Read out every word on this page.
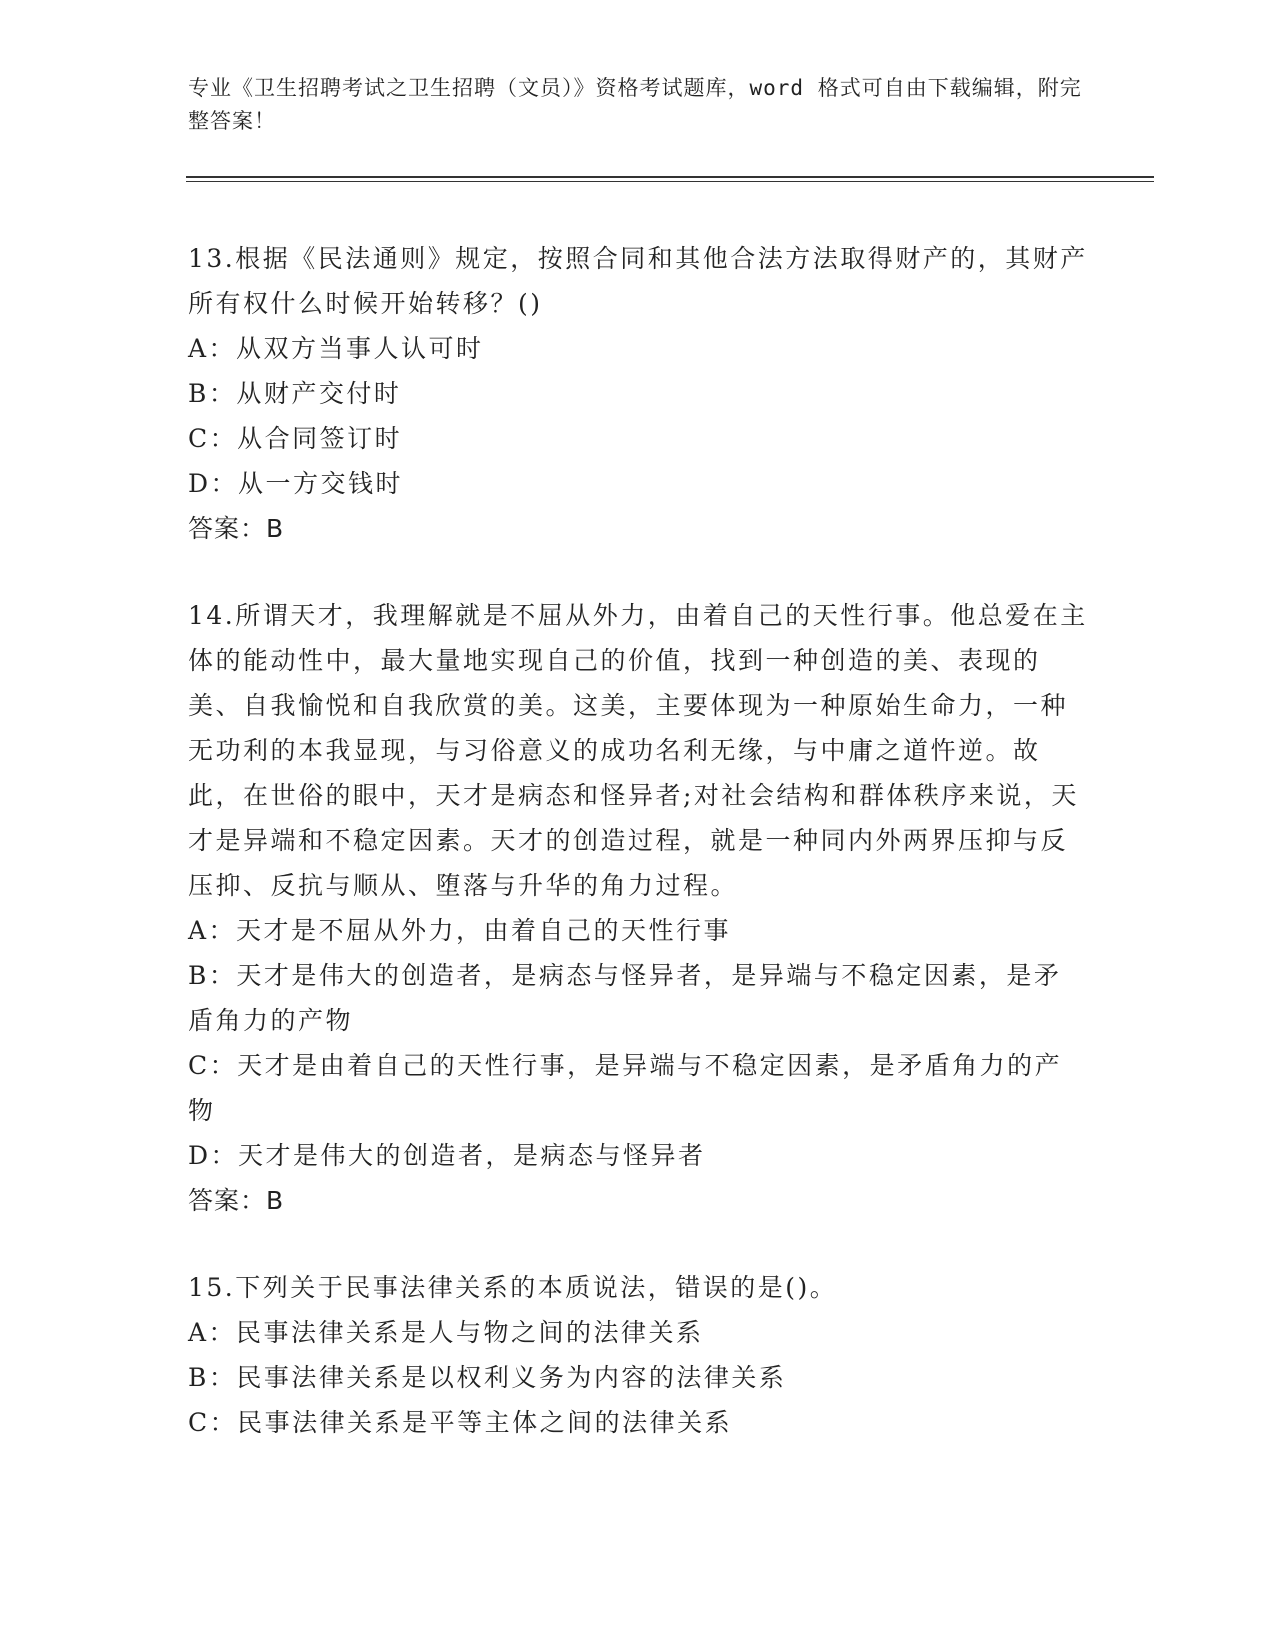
专业《卫生招聘考试之卫生招聘（文员）》资格考试题库，word 格式可自由下载编辑，附完整答案！

13.根据《民法通则》规定，按照合同和其他合法方法取得财产的，其财产所有权什么时候开始转移？()

A：从双方当事人认可时

B：从财产交付时

C：从合同签订时

D：从一方交钱时

答案：B

14.所谓天才，我理解就是不屈从外力，由着自己的天性行事。他总爱在主体的能动性中，最大量地实现自己的价值，找到一种创造的美、表现的美、自我愉悦和自我欣赏的美。这美，主要体现为一种原始生命力，一种无功利的本我显现，与习俗意义的成功名利无缘，与中庸之道忤逆。故此，在世俗的眼中，天才是病态和怪异者;对社会结构和群体秩序来说，天才是异端和不稳定因素。天才的创造过程，就是一种同内外两界压抑与反压抑、反抗与顺从、堕落与升华的角力过程。

A：天才是不屈从外力，由着自己的天性行事

B：天才是伟大的创造者，是病态与怪异者，是异端与不稳定因素，是矛盾角力的产物

C：天才是由着自己的天性行事，是异端与不稳定因素，是矛盾角力的产物

D：天才是伟大的创造者，是病态与怪异者

答案：B

15.下列关于民事法律关系的本质说法，错误的是()。

A：民事法律关系是人与物之间的法律关系

B：民事法律关系是以权利义务为内容的法律关系

C：民事法律关系是平等主体之间的法律关系
